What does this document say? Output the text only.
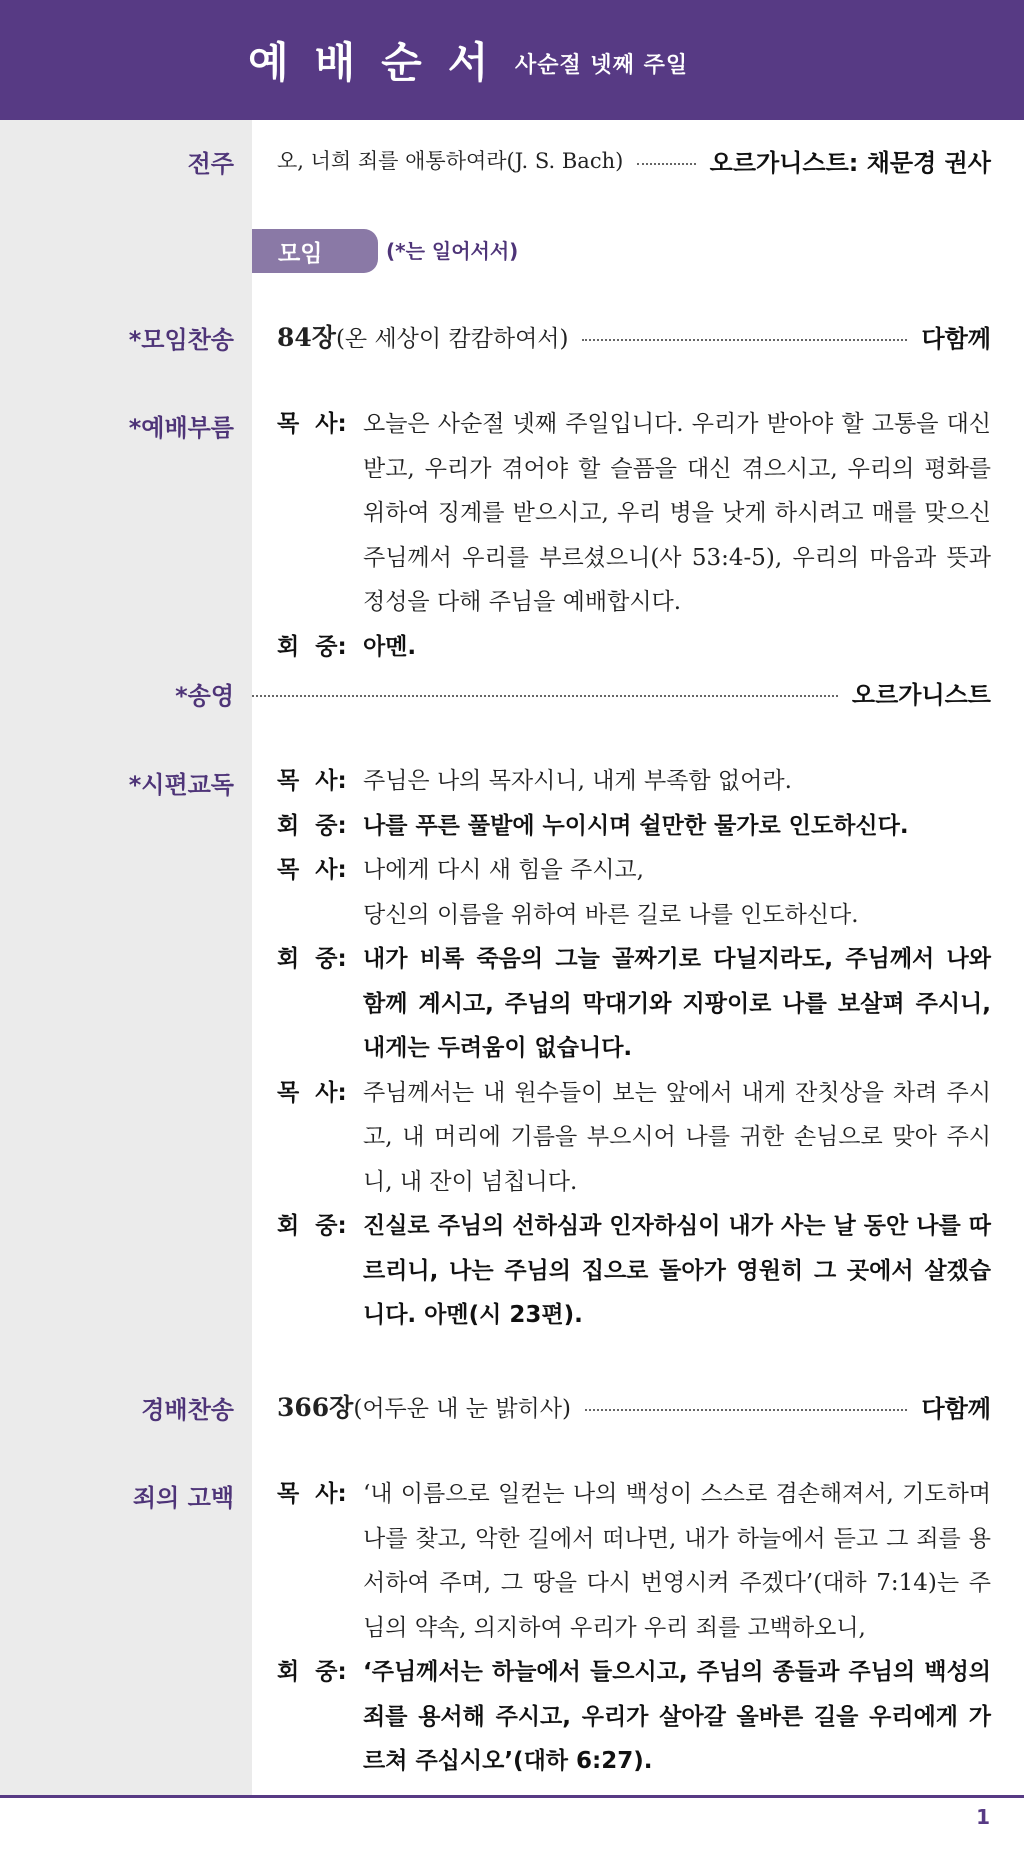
예배순서 사순절 넷째 주일
전주 오, 너희 죄를 애통하여라(J. S. Bach)	오르가니스트: 채문경 권사
모임	(*는 일어서서)
*모임찬송 84장 (온 세상이 캄캄하여서)	다함께
*예배부름 목  사: 오늘은 사순절 넷째 주일입니다. 우리가 받아야 할 고통을 대신 받고, 우리가 겪어야 할 슬픔을 대신 겪으시고, 우리의 평화를 위하여 징계를 받으시고, 우리 병을 낫게 하시려고 매를 맞으신 주님께서 우리를 부르셨으니(사 53:4-5), 우리의 마음과 뜻과 정성을 다해 주님을 예배합시다.
회  중: 아멘.
*송영	오르가니스트
*시편교독 목  사: 주님은 나의 목자시니, 내게 부족함 없어라.
회  중: 나를 푸른 풀밭에 누이시며 쉴만한 물가로 인도하신다.
목  사: 나에게 다시 새 힘을 주시고,
당신의 이름을 위하여 바른 길로 나를 인도하신다.
회  중: 내가 비록 죽음의 그늘 골짜기로 다닐지라도, 주님께서 나와 함께 계시고, 주님의 막대기와 지팡이로 나를 보살펴 주시니, 내게는 두려움이 없습니다.
목  사: 주님께서는 내 원수들이 보는 앞에서 내게 잔칫상을 차려 주시고, 내 머리에 기름을 부으시어 나를 귀한 손님으로 맞아 주시니, 내 잔이 넘칩니다.
회  중: 진실로 주님의 선하심과 인자하심이 내가 사는 날 동안 나를 따르리니, 나는 주님의 집으로 돌아가 영원히 그 곳에서 살겠습니다. 아멘(시 23편).
경배찬송 366장 (어두운 내 눈 밝히사)	다함께
죄의 고백 목  사: ‘내 이름으로 일컫는 나의 백성이 스스로 겸손해져서, 기도하며 나를 찾고, 악한 길에서 떠나면, 내가 하늘에서 듣고 그 죄를 용서하여 주며, 그 땅을 다시 번영시켜 주겠다’(대하 7:14)는 주님의 약속, 의지하여 우리가 우리 죄를 고백하오니,
회  중: ‘주님께서는 하늘에서 들으시고, 주님의 종들과 주님의 백성의 죄를 용서해 주시고, 우리가 살아갈 올바른 길을 우리에게 가르쳐 주십시오’(대하 6:27).
1
